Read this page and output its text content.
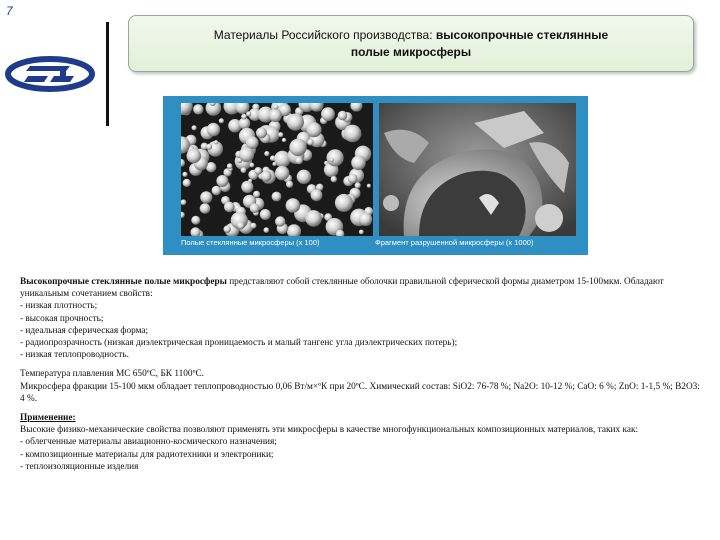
7
Материалы Российского производства: высокопрочные стеклянные
полые микросферы
Полые стеклянные микросферы (х 100)	Фрагмент разрушенной микросферы (х 1000)

Высокопрочные стеклянные полые микросферы представляют собой стеклянные оболочки правильной сферической формы диаметром 15-100мкм. Обладают уникальным сочетанием свойств:

- низкая плотность;

- высокая прочность;

- идеальная сферическая форма;

- радиопрозрачность (низкая диэлектрическая проницаемость и малый тангенс угла диэлектрических потерь);

- низкая теплопроводность.

Температура плавления МС 650ºС, БК 1100ºС.

Микросфера фракции 15-100 мкм обладает теплопроводностью 0,06 Вт/м×ºК при 20ºС. Химический состав: SiO2: 76-78 %; Na2O: 10-12 %; CaO: 6 %; ZnO: 1-1,5 %; B2O3: 4 %.

Применение:

Высокие физико-механические свойства позволяют применять эти микросферы в качестве многофункциональных композиционных материалов, таких как:

- облегченные материалы авиационно-космического назначения;

- композиционные материалы для радиотехники и электроники;

- теплоизоляционные изделия
